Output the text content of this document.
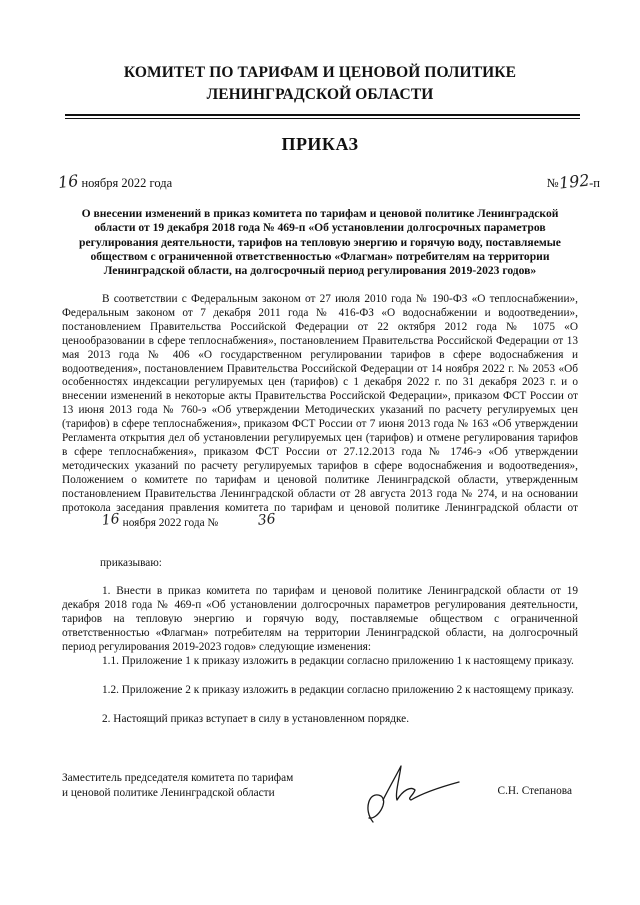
КОМИТЕТ ПО ТАРИФАМ И ЦЕНОВОЙ ПОЛИТИКЕ
ЛЕНИНГРАДСКОЙ ОБЛАСТИ
ПРИКАЗ
16 ноября 2022 года	№192-п
О внесении изменений в приказ комитета по тарифам и ценовой политике Ленинградской области от 19 декабря 2018 года № 469-п «Об установлении долгосрочных параметров регулирования деятельности, тарифов на тепловую энергию и горячую воду, поставляемые обществом с ограниченной ответственностью «Флагман» потребителям на территории Ленинградской области, на долгосрочный период регулирования 2019-2023 годов»
В соответствии с Федеральным законом от 27 июля 2010 года № 190-ФЗ «О теплоснабжении», Федеральным законом от 7 декабря 2011 года № 416-ФЗ «О водоснабжении и водоотведении», постановлением Правительства Российской Федерации от 22 октября 2012 года № 1075 «О ценообразовании в сфере теплоснабжения», постановлением Правительства Российской Федерации от 13 мая 2013 года № 406 «О государственном регулировании тарифов в сфере водоснабжения и водоотведения», постановлением Правительства Российской Федерации от 14 ноября 2022 г. № 2053 «Об особенностях индексации регулируемых цен (тарифов) с 1 декабря 2022 г. по 31 декабря 2023 г. и о внесении изменений в некоторые акты Правительства Российской Федерации», приказом ФСТ России от 13 июня 2013 года № 760-э «Об утверждении Методических указаний по расчету регулируемых цен (тарифов) в сфере теплоснабжения», приказом ФСТ России от 7 июня 2013 года № 163 «Об утверждении Регламента открытия дел об установлении регулируемых цен (тарифов) и отмене регулирования тарифов в сфере теплоснабжения», приказом ФСТ России от 27.12.2013 года № 1746-э «Об утверждении методических указаний по расчету регулируемых тарифов в сфере водоснабжения и водоотведения», Положением о комитете по тарифам и ценовой политике Ленинградской области, утвержденным постановлением Правительства Ленинградской области от 28 августа 2013 года № 274, и на основании протокола заседания правления комитета по тарифам и ценовой политике Ленинградской области от16 ноября 2022 года №	36
приказываю:
1. Внести в приказ комитета по тарифам и ценовой политике Ленинградской области от 19 декабря 2018 года № 469-п «Об установлении долгосрочных параметров регулирования деятельности, тарифов на тепловую энергию и горячую воду, поставляемые обществом с ограниченной ответственностью «Флагман» потребителям на территории Ленинградской области, на долгосрочный период регулирования 2019-2023 годов» следующие изменения:
1.1. Приложение 1 к приказу изложить в редакции согласно приложению 1 к настоящему приказу.
1.2. Приложение 2 к приказу изложить в редакции согласно приложению 2 к настоящему приказу.
2. Настоящий приказ вступает в силу в установленном порядке.
Заместитель председателя комитета по тарифам
и ценовой политике Ленинградской области	С.Н. Степанова
